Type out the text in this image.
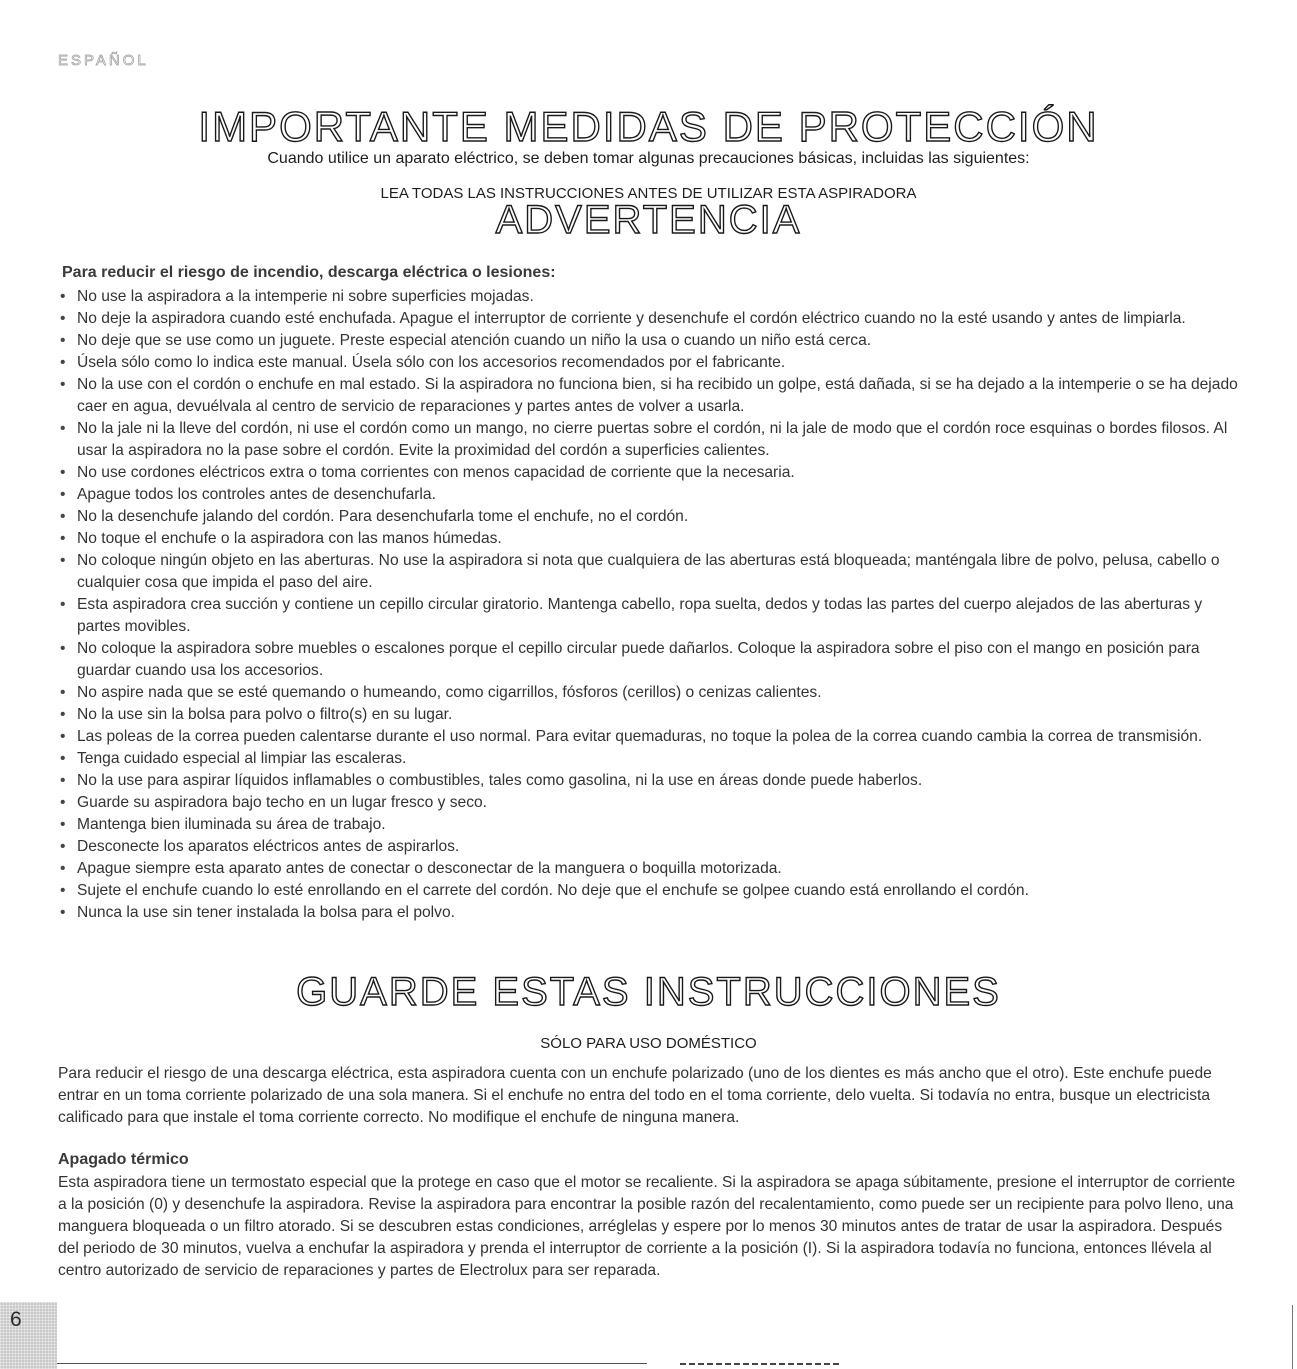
ESPAÑOL
IMPORTANTE MEDIDAS DE PROTECCIÓN

Cuando utilice un aparato eléctrico, se deben tomar algunas precauciones básicas, incluidas las siguientes:

LEA TODAS LAS INSTRUCCIONES ANTES DE UTILIZAR ESTA ASPIRADORA

ADVERTENCIA

Para reducir el riesgo de incendio, descarga eléctrica o lesiones:

• No use la aspiradora a la intemperie ni sobre superficies mojadas.
• No deje la aspiradora cuando esté enchufada. Apague el interruptor de corriente y desenchufe el cordón eléctrico cuando no la esté usando y antes de limpiarla.
• No deje que se use como un juguete. Preste especial atención cuando un niño la usa o cuando un niño está cerca.
• Úsela sólo como lo indica este manual. Úsela sólo con los accesorios recomendados por el fabricante.
• No la use con el cordón o enchufe en mal estado. Si la aspiradora no funciona bien, si ha recibido un golpe, está dañada, si se ha dejado a la intemperie o se ha dejado caer en agua, devuélvala al centro de servicio de reparaciones y partes antes de volver a usarla.
• No la jale ni la lleve del cordón, ni use el cordón como un mango, no cierre puertas sobre el cordón, ni la jale de modo que el cordón roce esquinas o bordes filosos. Al usar la aspiradora no la pase sobre el cordón. Evite la proximidad del cordón a superficies calientes.
• No use cordones eléctricos extra o toma corrientes con menos capacidad de corriente que la necesaria.
• Apague todos los controles antes de desenchufarla.
• No la desenchufe jalando del cordón. Para desenchufarla tome el enchufe, no el cordón.
• No toque el enchufe o la aspiradora con las manos húmedas.
• No coloque ningún objeto en las aberturas. No use la aspiradora si nota que cualquiera de las aberturas está bloqueada; manténgala libre de polvo, pelusa, cabello o cualquier cosa que impida el paso del aire.
• Esta aspiradora crea succión y contiene un cepillo circular giratorio. Mantenga cabello, ropa suelta, dedos y todas las partes del cuerpo alejados de las aberturas y partes movibles.
• No coloque la aspiradora sobre muebles o escalones porque el cepillo circular puede dañarlos. Coloque la aspiradora sobre el piso con el mango en posición para guardar cuando usa los accesorios.
• No aspire nada que se esté quemando o humeando, como cigarrillos, fósforos (cerillos) o cenizas calientes.
• No la use sin la bolsa para polvo o filtro(s) en su lugar.
• Las poleas de la correa pueden calentarse durante el uso normal. Para evitar quemaduras, no toque la polea de la correa cuando cambia la correa de transmisión.
• Tenga cuidado especial al limpiar las escaleras.
• No la use para aspirar líquidos inflamables o combustibles, tales como gasolina, ni la use en áreas donde puede haberlos.
• Guarde su aspiradora bajo techo en un lugar fresco y seco.
• Mantenga bien iluminada su área de trabajo.
• Desconecte los aparatos eléctricos antes de aspirarlos.
• Apague siempre esta aparato antes de conectar o desconectar de la manguera o boquilla motorizada.
• Sujete el enchufe cuando lo esté enrollando en el carrete del cordón. No deje que el enchufe se golpee cuando está enrollando el cordón.
• Nunca la use sin tener instalada la bolsa para el polvo.
GUARDE ESTAS INSTRUCCIONES

SÓLO PARA USO DOMÉSTICO

Para reducir el riesgo de una descarga eléctrica, esta aspiradora cuenta con un enchufe polarizado (uno de los dientes es más ancho que el otro). Este enchufe puede entrar en un toma corriente polarizado de una sola manera. Si el enchufe no entra del todo en el toma corriente, delo vuelta. Si todavía no entra, busque un electricista calificado para que instale el toma corriente correcto. No modifique el enchufe de ninguna manera.

Apagado térmico

Esta aspiradora tiene un termostato especial que la protege en caso que el motor se recaliente. Si la aspiradora se apaga súbitamente, presione el interruptor de corriente a la posición (0) y desenchufe la aspiradora. Revise la aspiradora para encontrar la posible razón del recalentamiento, como puede ser un recipiente para polvo lleno, una manguera bloqueada o un filtro atorado. Si se descubren estas condiciones, arréglelas y espere por lo menos 30 minutos antes de tratar de usar la aspiradora. Después del periodo de 30 minutos, vuelva a enchufar la aspiradora y prenda el interruptor de corriente a la posición (I). Si la aspiradora todavía no funciona, entonces llévela al centro autorizado de servicio de reparaciones y partes de Electrolux para ser reparada.

6
